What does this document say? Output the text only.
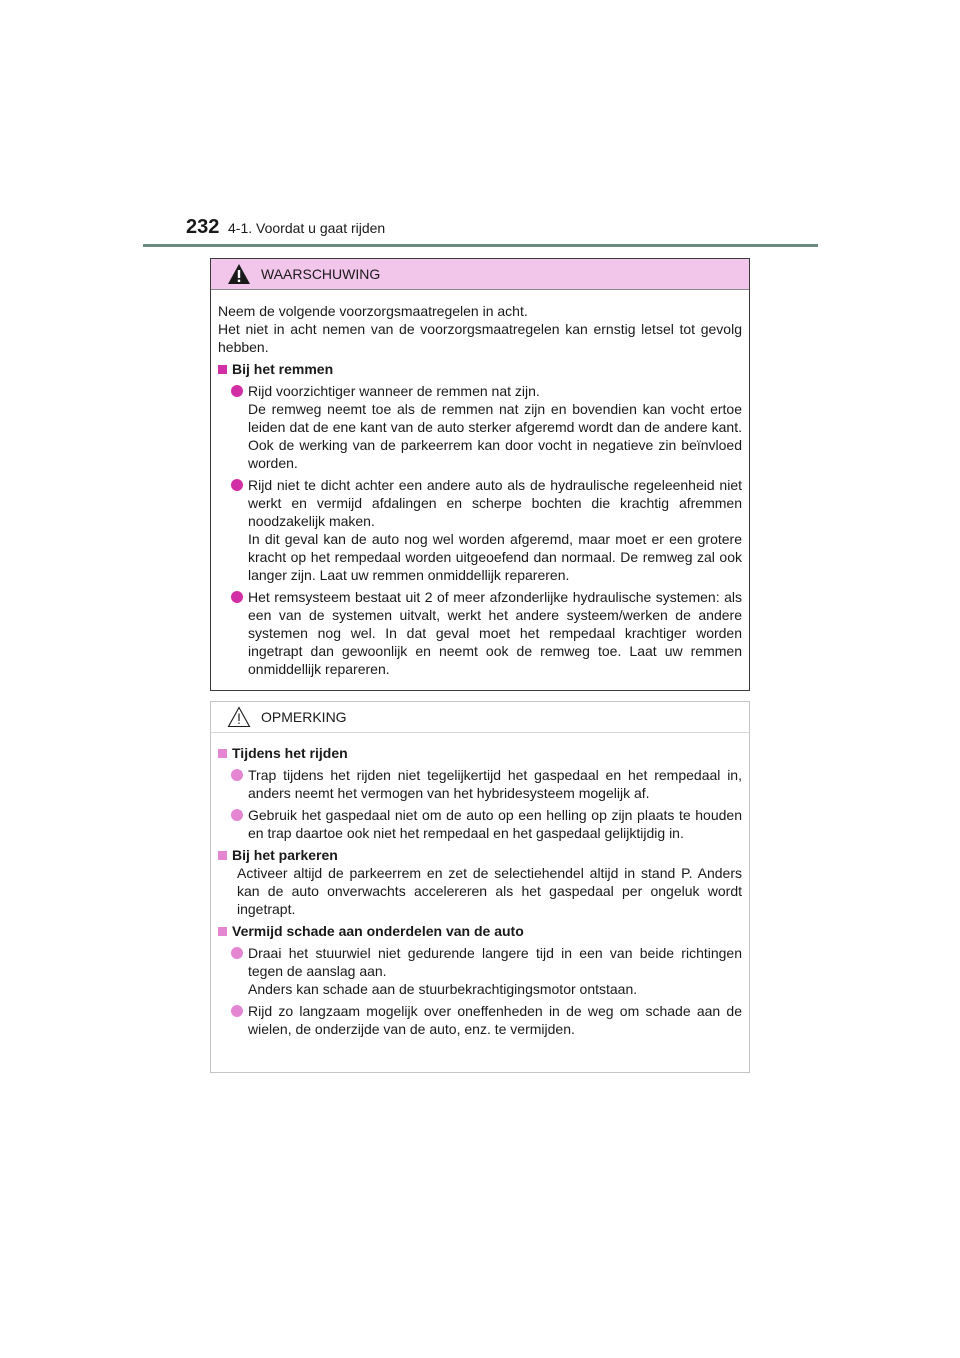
232 4-1. Voordat u gaat rijden
WAARSCHUWING

Neem de volgende voorzorgsmaatregelen in acht.

Het niet in acht nemen van de voorzorgsmaatregelen kan ernstig letsel tot gevolg hebben.

Bij het remmen

Rijd voorzichtiger wanneer de remmen nat zijn.

De remweg neemt toe als de remmen nat zijn en bovendien kan vocht ertoe leiden dat de ene kant van de auto sterker afgeremd wordt dan de andere kant. Ook de werking van de parkeerrem kan door vocht in negatieve zin beïnvloed worden.

Rijd niet te dicht achter een andere auto als de hydraulische regeleenheid niet werkt en vermijd afdalingen en scherpe bochten die krachtig afremmen noodzakelijk maken.

In dit geval kan de auto nog wel worden afgeremd, maar moet er een grotere kracht op het rempedaal worden uitgeoefend dan normaal. De remweg zal ook langer zijn. Laat uw remmen onmiddellijk repareren.

Het remsysteem bestaat uit 2 of meer afzonderlijke hydraulische systemen: als een van de systemen uitvalt, werkt het andere systeem/werken de andere systemen nog wel. In dat geval moet het rempedaal krachtiger worden ingetrapt dan gewoonlijk en neemt ook de remweg toe. Laat uw remmen onmiddellijk repareren.

OPMERKING
Tijdens het rijden

Trap tijdens het rijden niet tegelijkertijd het gaspedaal en het rempedaal in, anders neemt het vermogen van het hybridesysteem mogelijk af.

Gebruik het gaspedaal niet om de auto op een helling op zijn plaats te houden en trap daartoe ook niet het rempedaal en het gaspedaal gelijktijdig in.

Bij het parkeren

Activeer altijd de parkeerrem en zet de selectiehendel altijd in stand P. Anders kan de auto onverwachts accelereren als het gaspedaal per ongeluk wordt ingetrapt.

Vermijd schade aan onderdelen van de auto

Draai het stuurwiel niet gedurende langere tijd in een van beide richtingen tegen de aanslag aan.

Anders kan schade aan de stuurbekrachtigingsmotor ontstaan.

Rijd zo langzaam mogelijk over oneffenheden in de weg om schade aan de wielen, de onderzijde van de auto, enz. te vermijden.
